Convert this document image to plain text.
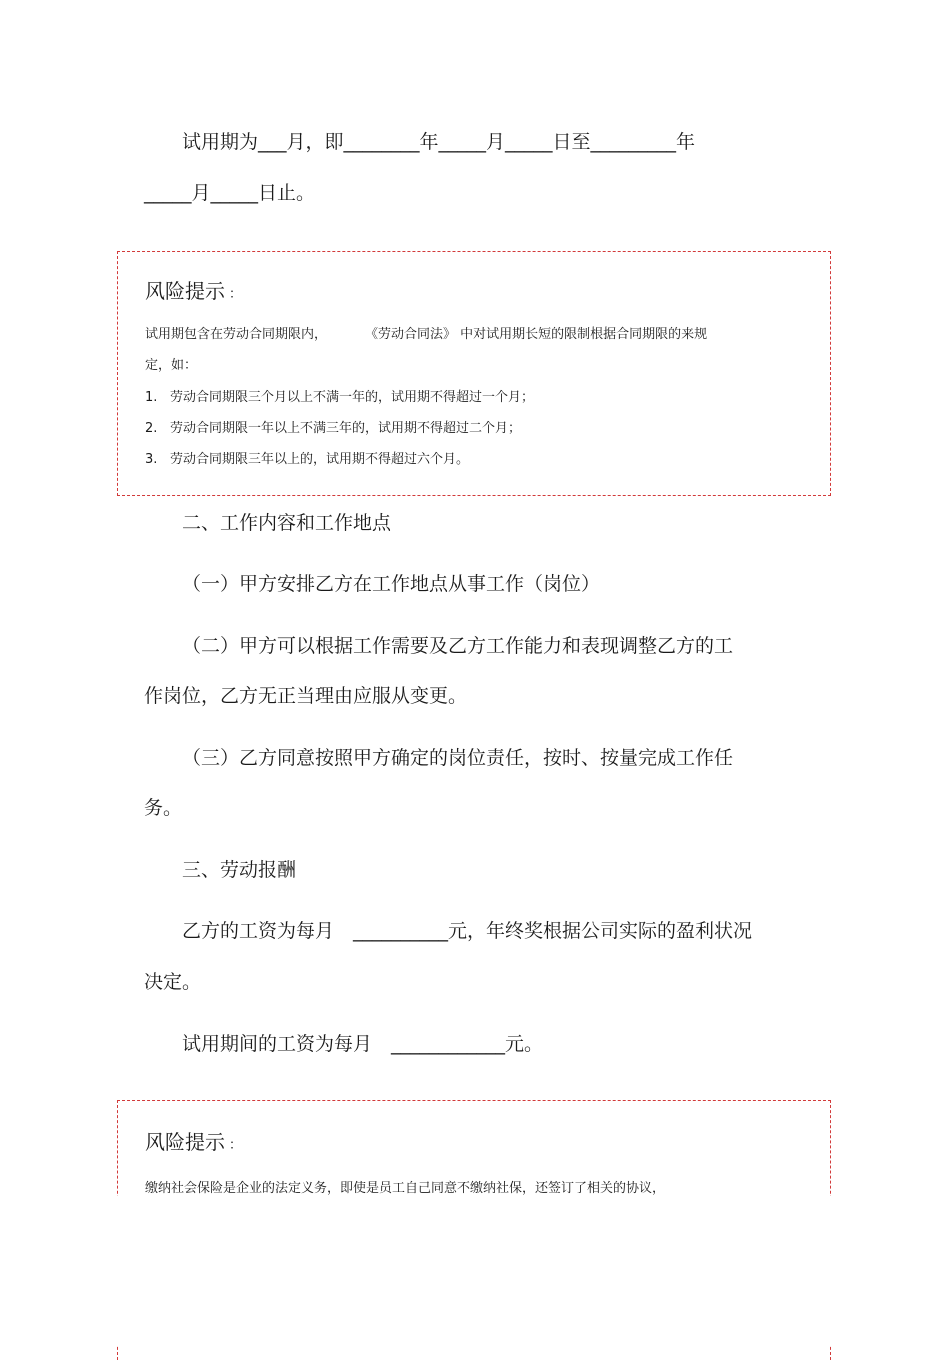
试用期为___月，即________年_____月_____日至_________年
_____月_____日止。
风险提示 ：
试用期包含在劳动合同期限内，	《劳动合同法》 中对试用期长短的限制根据合同期限的来规
定，如：
1. 劳动合同期限三个月以上不满一年的，试用期不得超过一个月；
2. 劳动合同期限一年以上不满三年的，试用期不得超过二个月；
3. 劳动合同期限三年以上的，试用期不得超过六个月。
二、工作内容和工作地点
（一）甲方安排乙方在工作地点从事工作（岗位）
（二）甲方可以根据工作需要及乙方工作能力和表现调整乙方的工
作岗位，乙方无正当理由应服从变更。
（三）乙方同意按照甲方确定的岗位责任，按时、按量完成工作任
务。
三、劳动报酬
乙方的工资为每月　__________元，年终奖根据公司实际的盈利状况
决定。
试用期间的工资为每月　____________元。
风险提示 ：
缴纳社会保险是企业的法定义务，即使是员工自己同意不缴纳社保，还签订了相关的协议，
